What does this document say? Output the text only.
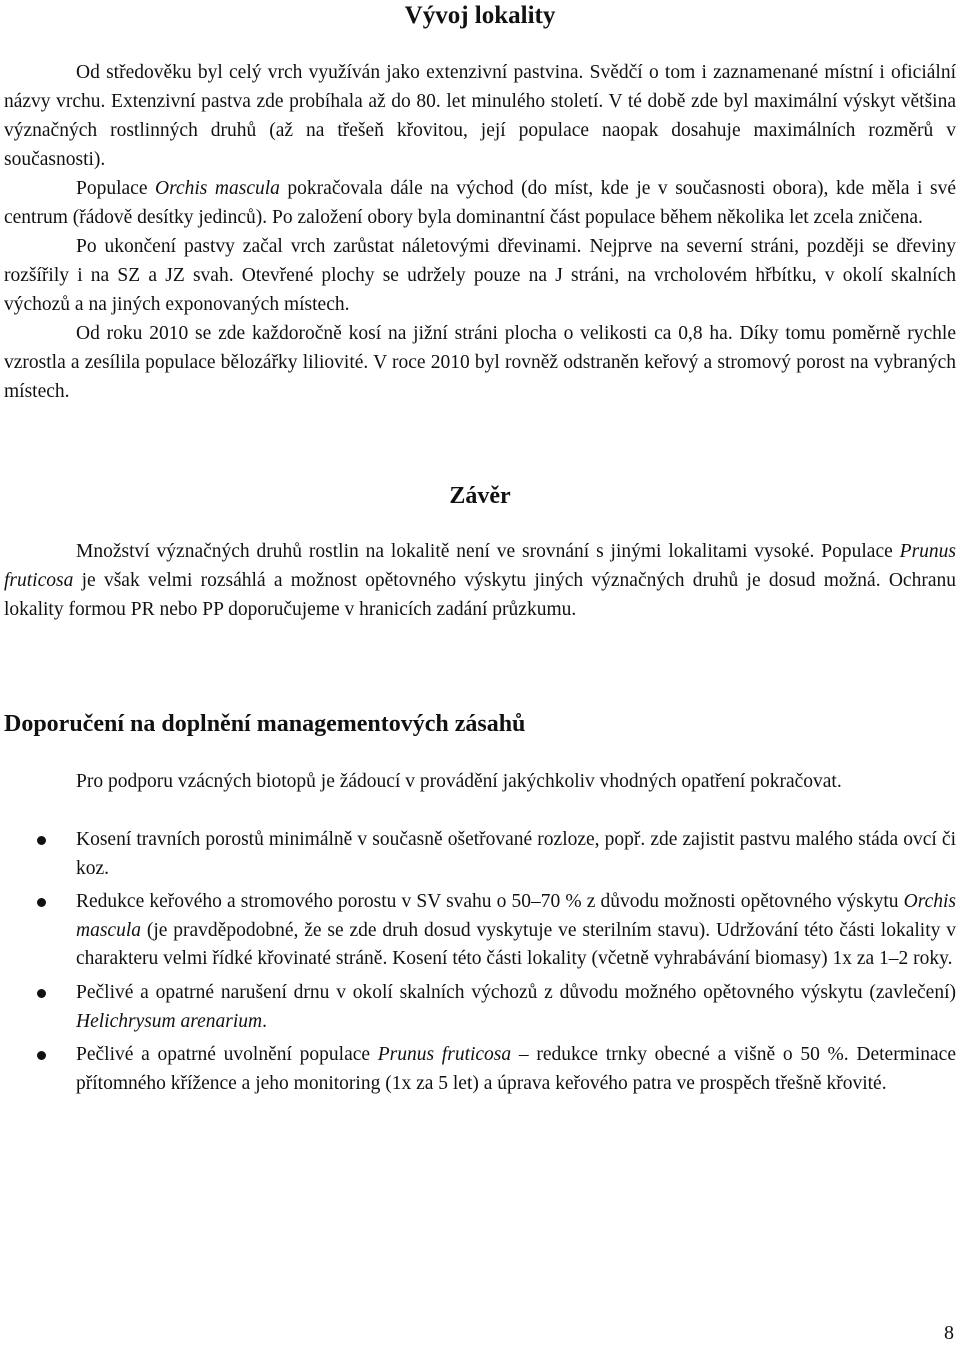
Vývoj lokality

Od středověku byl celý vrch využíván jako extenzivní pastvina. Svědčí o tom i zaznamenané místní i oficiální názvy vrchu. Extenzivní pastva zde probíhala až do 80. let minulého století. V té době zde byl maximální výskyt většina význačných rostlinných druhů (až na třešeň křovitou, její populace naopak dosahuje maximálních rozměrů v současnosti).

Populace Orchis mascula pokračovala dále na východ (do míst, kde je v současnosti obora), kde měla i své centrum (řádově desítky jedinců). Po založení obory byla dominantní část populace během několika let zcela zničena.

Po ukončení pastvy začal vrch zarůstat náletovými dřevinami. Nejprve na severní stráni, později se dřeviny rozšířily i na SZ a JZ svah. Otevřené plochy se udržely pouze na J stráni, na vrcholovém hřbítku, v okolí skalních výchozů a na jiných exponovaných místech.

Od roku 2010 se zde každoročně kosí na jižní stráni plocha o velikosti ca 0,8 ha. Díky tomu poměrně rychle vzrostla a zesílila populace bělozářky liliovité. V roce 2010 byl rovněž odstraněn keřový a stromový porost na vybraných místech.

Závěr

Množství význačných druhů rostlin na lokalitě není ve srovnání s jinými lokalitami vysoké. Populace Prunus fruticosa je však velmi rozsáhlá a možnost opětovného výskytu jiných význačných druhů je dosud možná. Ochranu lokality formou PR nebo PP doporučujeme v hranicích zadání průzkumu.

Doporučení na doplnění managementových zásahů

Pro podporu vzácných biotopů je žádoucí v provádění jakýchkoliv vhodných opatření pokračovat.

Kosení travních porostů minimálně v současně ošetřované rozloze, popř. zde zajistit pastvu malého stáda ovcí či koz.
Redukce keřového a stromového porostu v SV svahu o 50–70 % z důvodu možnosti opětovného výskytu Orchis mascula (je pravděpodobné, že se zde druh dosud vyskytuje ve sterilním stavu). Udržování této části lokality v charakteru velmi řídké křovinaté stráně. Kosení této části lokality (včetně vyhrabávání biomasy) 1x za 1–2 roky.
Pečlivé a opatrné narušení drnu v okolí skalních výchozů z důvodu možného opětovného výskytu (zavlečení) Helichrysum arenarium.
Pečlivé a opatrné uvolnění populace Prunus fruticosa – redukce trnky obecné a višně o 50 %. Determinace přítomného křížence a jeho monitoring (1x za 5 let) a úprava keřového patra ve prospěch třešně křovité.
8
